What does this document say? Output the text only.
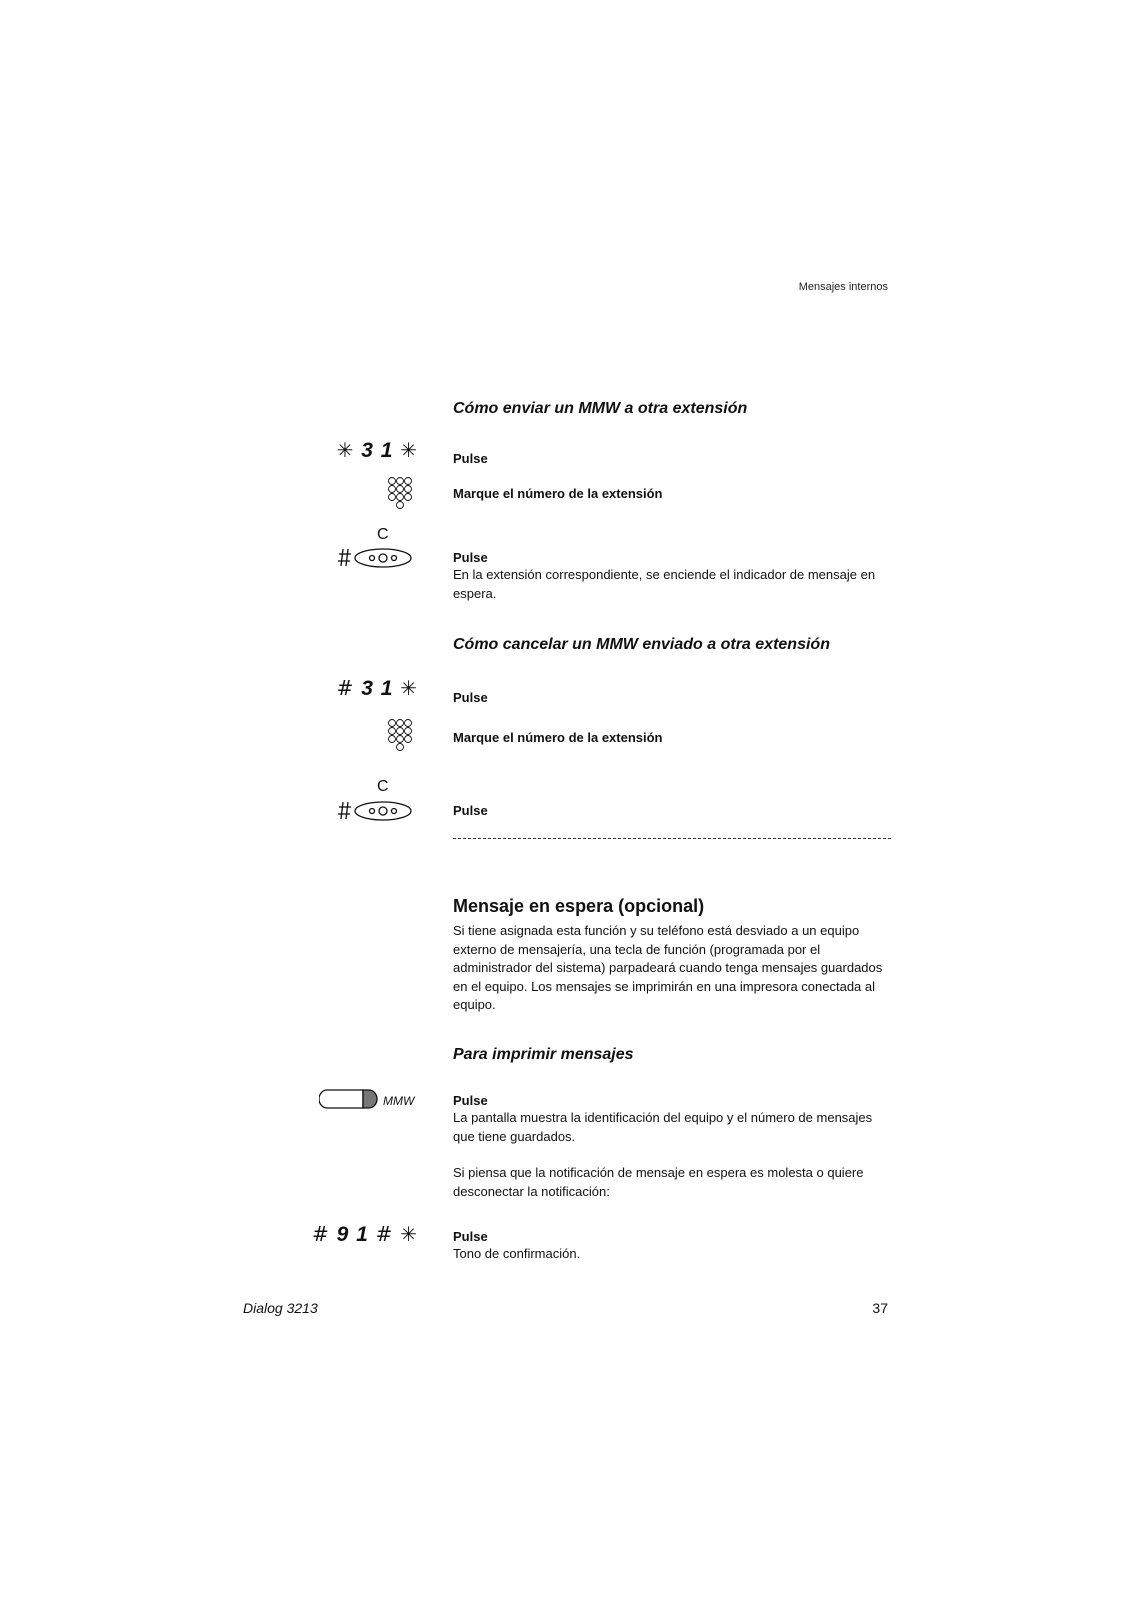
Mensajes internos
Cómo enviar un MMW a otra extensión
✳ 3 1 ✳	Pulse
Marque el número de la extensión
C
Pulse
En la extensión correspondiente, se enciende el indicador de mensaje en espera.
Cómo cancelar un MMW enviado a otra extensión
# 3 1 ✳	Pulse
Marque el número de la extensión
C
Pulse
Mensaje en espera (opcional)
Si tiene asignada esta función y su teléfono está desviado a un equipo externo de mensajería, una tecla de función (programada por el administrador del sistema) parpadeará cuando tenga mensajes guardados en el equipo. Los mensajes se imprimirán en una impresora conectada al equipo.
Para imprimir mensajes
MMW	Pulse
La pantalla muestra la identificación del equipo y el número de mensajes que tiene guardados.
Si piensa que la notificación de mensaje en espera es molesta o quiere desconectar la notificación:
# 9 1 # ✳	Pulse
Tono de confirmación.
Dialog 3213	37
